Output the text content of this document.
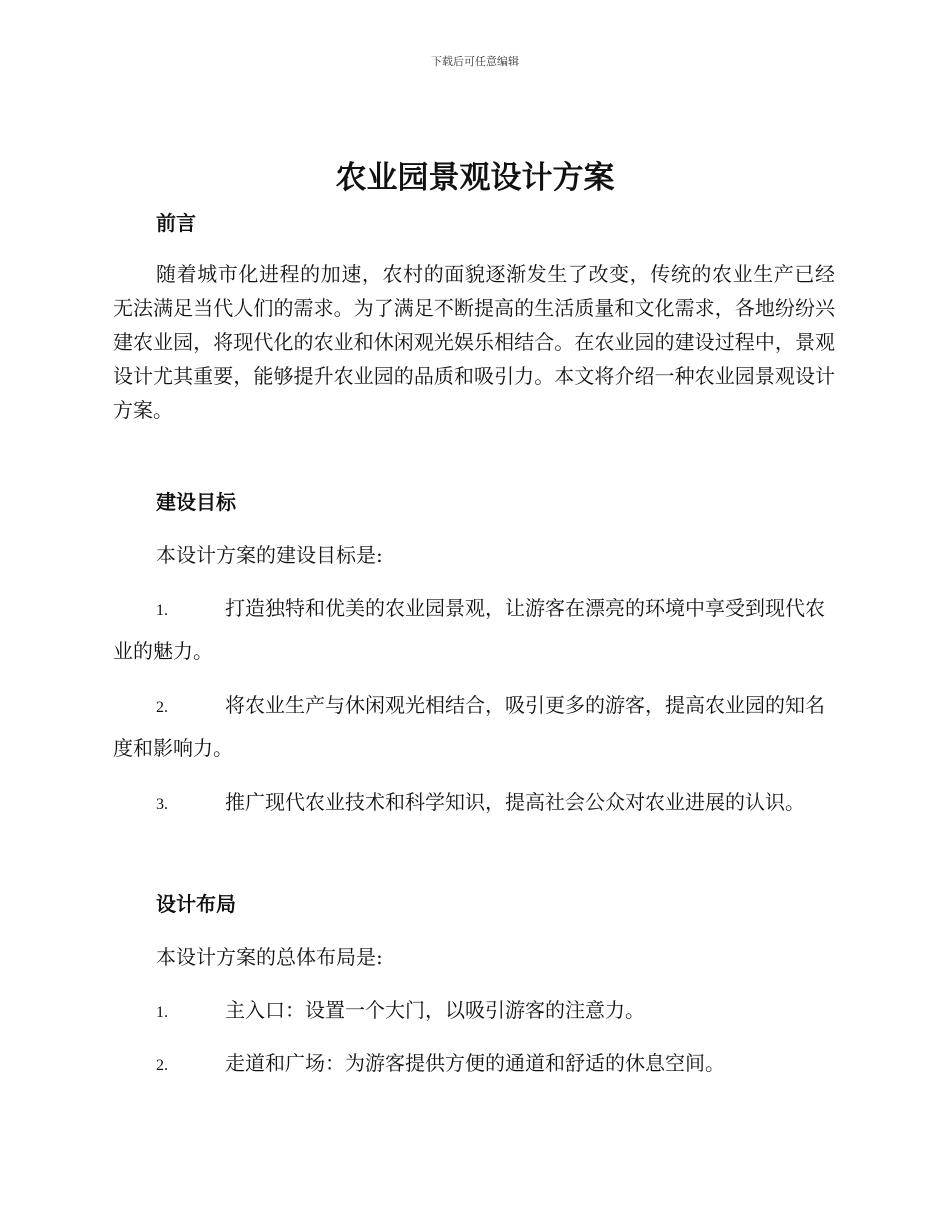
下载后可任意编辑
农业园景观设计方案
前言
随着城市化进程的加速，农村的面貌逐渐发生了改变，传统的农业生产已经无法满足当代人们的需求。为了满足不断提高的生活质量和文化需求，各地纷纷兴建农业园，将现代化的农业和休闲观光娱乐相结合。在农业园的建设过程中，景观设计尤其重要，能够提升农业园的品质和吸引力。本文将介绍一种农业园景观设计方案。
建设目标
本设计方案的建设目标是:
1.	打造独特和优美的农业园景观，让游客在漂亮的环境中享受到现代农业的魅力。
2.	将农业生产与休闲观光相结合，吸引更多的游客，提高农业园的知名度和影响力。
3.	推广现代农业技术和科学知识，提高社会公众对农业进展的认识。
设计布局
本设计方案的总体布局是:
1.	主入口：设置一个大门，以吸引游客的注意力。
2.	走道和广场：为游客提供方便的通道和舒适的休息空间。
